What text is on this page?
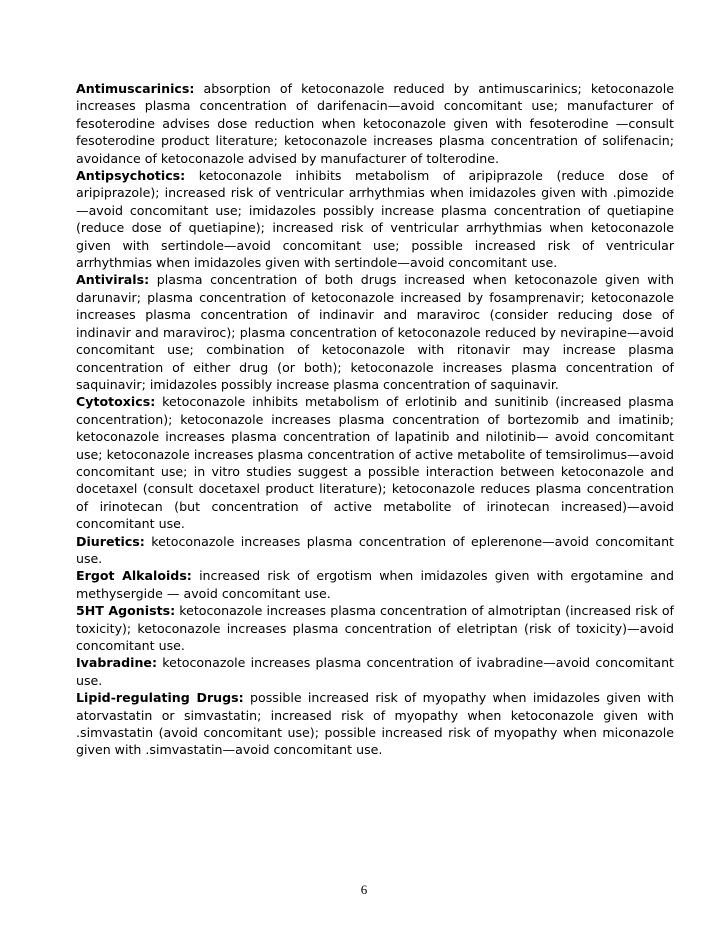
Antimuscarinics: absorption of ketoconazole reduced by antimuscarinics; ketoconazole increases plasma concentration of darifenacin—avoid concomitant use; manufacturer of fesoterodine advises dose reduction when ketoconazole given with fesoterodine —consult fesoterodine product literature; ketoconazole increases plasma concentration of solifenacin; avoidance of ketoconazole advised by manufacturer of tolterodine.

Antipsychotics: ketoconazole inhibits metabolism of aripiprazole (reduce dose of aripiprazole); increased risk of ventricular arrhythmias when imidazoles given with .pimozide—avoid concomitant use; imidazoles possibly increase plasma concentration of quetiapine (reduce dose of quetiapine); increased risk of ventricular arrhythmias when ketoconazole given with sertindole—avoid concomitant use; possible increased risk of ventricular arrhythmias when imidazoles given with sertindole—avoid concomitant use.

Antivirals: plasma concentration of both drugs increased when ketoconazole given with darunavir; plasma concentration of ketoconazole increased by fosamprenavir; ketoconazole increases plasma concentration of indinavir and maraviroc (consider reducing dose of indinavir and maraviroc); plasma concentration of ketoconazole reduced by nevirapine—avoid concomitant use; combination of ketoconazole with ritonavir may increase plasma concentration of either drug (or both); ketoconazole increases plasma concentration of saquinavir; imidazoles possibly increase plasma concentration of saquinavir.

Cytotoxics: ketoconazole inhibits metabolism of erlotinib and sunitinib (increased plasma concentration); ketoconazole increases plasma concentration of bortezomib and imatinib; ketoconazole increases plasma concentration of lapatinib and nilotinib— avoid concomitant use; ketoconazole increases plasma concentration of active metabolite of temsirolimus—avoid concomitant use; in vitro studies suggest a possible interaction between ketoconazole and docetaxel (consult docetaxel product literature); ketoconazole reduces plasma concentration of irinotecan (but concentration of active metabolite of irinotecan increased)—avoid concomitant use.

Diuretics: ketoconazole increases plasma concentration of eplerenone—avoid concomitant use.

Ergot Alkaloids: increased risk of ergotism when imidazoles given with ergotamine and methysergide — avoid concomitant use.

5HT Agonists: ketoconazole increases plasma concentration of almotriptan (increased risk of toxicity); ketoconazole increases plasma concentration of eletriptan (risk of toxicity)—avoid concomitant use.

Ivabradine: ketoconazole increases plasma concentration of ivabradine—avoid concomitant use.

Lipid-regulating Drugs: possible increased risk of myopathy when imidazoles given with atorvastatin or simvastatin; increased risk of myopathy when ketoconazole given with .simvastatin (avoid concomitant use); possible increased risk of myopathy when miconazole given with .simvastatin—avoid concomitant use.

6
